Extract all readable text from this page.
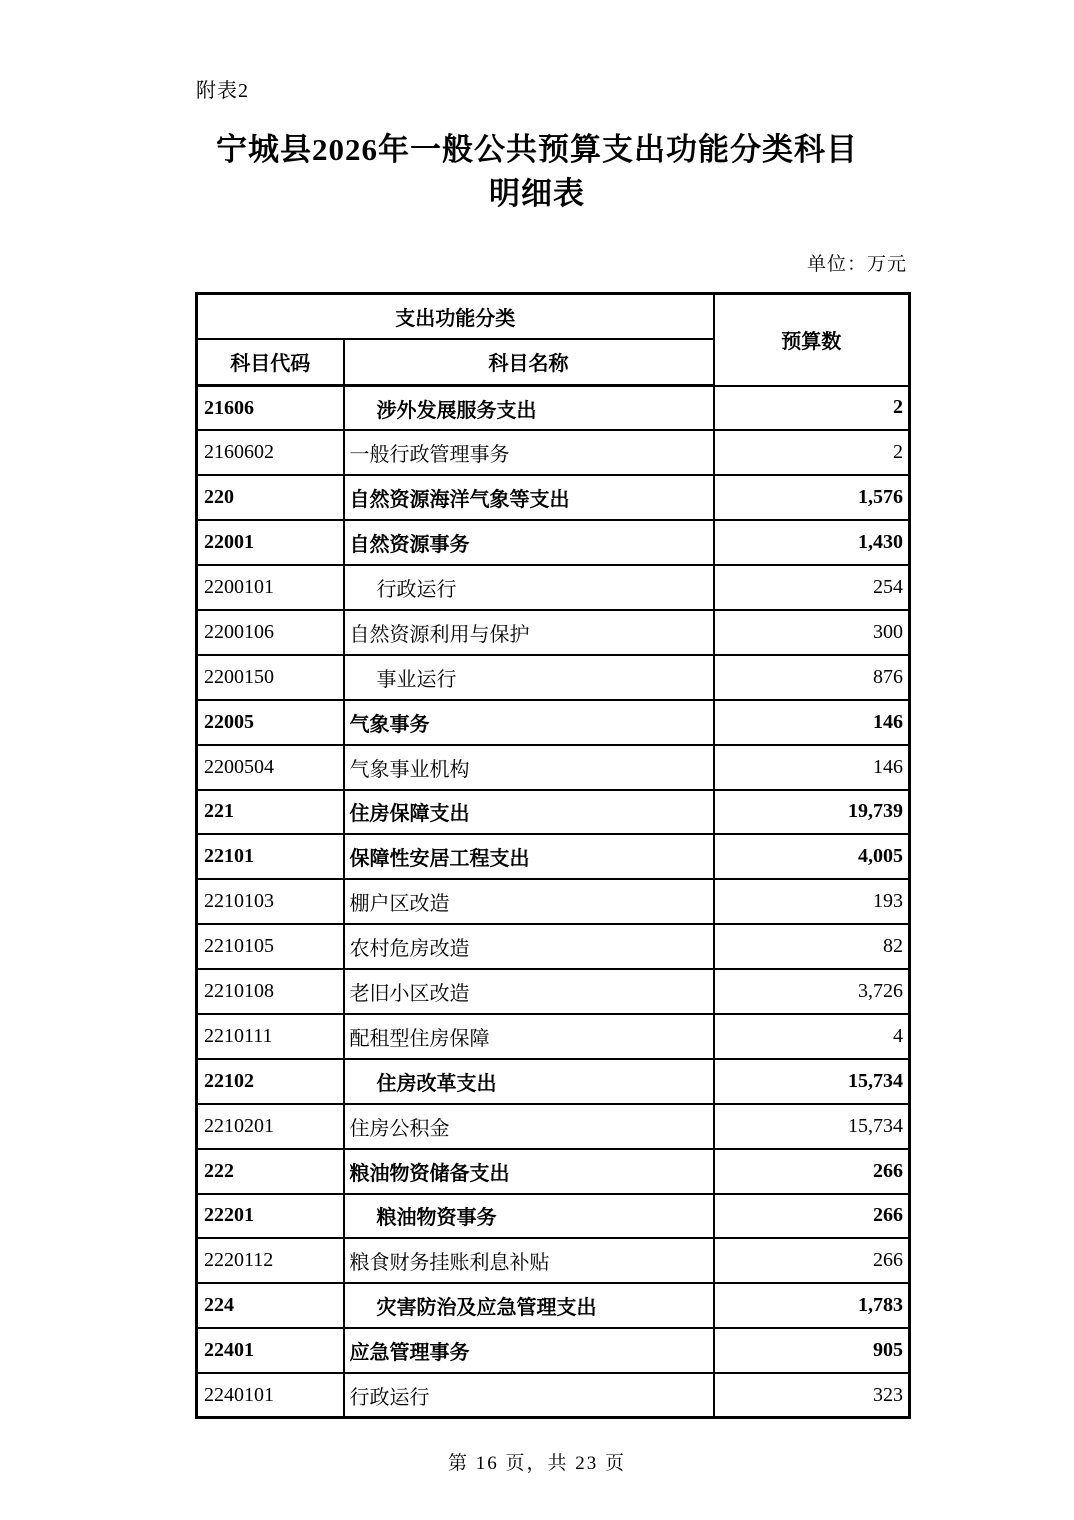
附表2
宁城县2026年一般公共预算支出功能分类科目
明细表
单位：万元
支出功能分类		预算数
科目代码	科目名称	
21606	涉外发展服务支出	2
2160602	一般行政管理事务	2
220	自然资源海洋气象等支出	1,576
22001	自然资源事务	1,430
2200101	行政运行	254
2200106	自然资源利用与保护	300
2200150	事业运行	876
22005	气象事务	146
2200504	气象事业机构	146
221	住房保障支出	19,739
22101	保障性安居工程支出	4,005
2210103	棚户区改造	193
2210105	农村危房改造	82
2210108	老旧小区改造	3,726
2210111	配租型住房保障	4
22102	住房改革支出	15,734
2210201	住房公积金	15,734
222	粮油物资储备支出	266
22201	粮油物资事务	266
2220112	粮食财务挂账利息补贴	266
224	灾害防治及应急管理支出	1,783
22401	应急管理事务	905
2240101	行政运行	323
第 16 页，共 23 页
